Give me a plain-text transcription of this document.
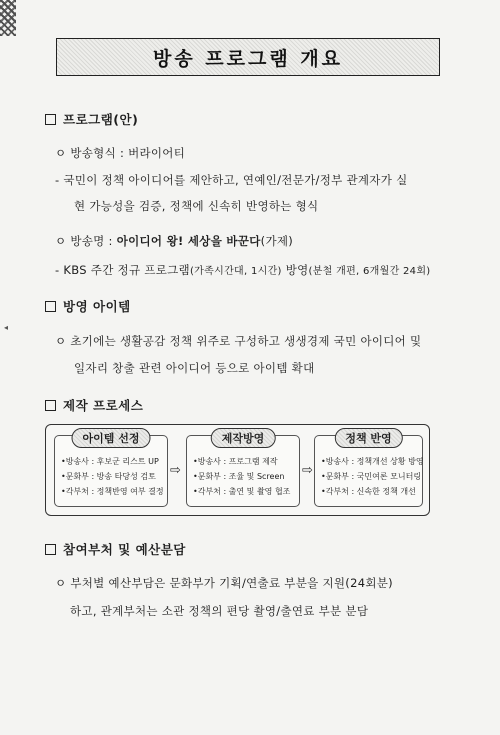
◂
방송 프로그램 개요
프로그램(안)
ㅇ 방송형식 : 버라이어티
- 국민이 정책 아이디어를 제안하고, 연예인/전문가/정부 관계자가 실
현 가능성을 검증, 정책에 신속히 반영하는 형식
ㅇ 방송명 : 아이디어 왕! 세상을 바꾼다(가제)
- KBS 주간 정규 프로그램(가족시간대, 1시간) 방영(분철 개편, 6개월간 24회)
방영 아이템
ㅇ 초기에는 생활공감 정책 위주로 구성하고 생생경제 국민 아이디어 및
일자리 창출 관련 아이디어 등으로 아이템 확대
제작 프로세스
아이템 선정
•방송사 : 후보군 리스트 UP
•문화부 : 방송 타당성 검토
•각부처 : 정책반영 여부 결정
⇨
제작방영
•방송사 : 프로그램 제작
•문화부 : 조율 및 Screen
•각부처 : 출연 및 촬영 협조
⇨
정책 반영
•방송사 : 정책개선 상황 방영
•문화부 : 국민여론 모니터링
•각부처 : 신속한 정책 개선
참여부처 및 예산분담
ㅇ 부처별 예산부담은 문화부가 기획/연출료 부분을 지원(24회분)
하고, 관계부처는 소관 정책의 편당 촬영/출연료 부분 분담
